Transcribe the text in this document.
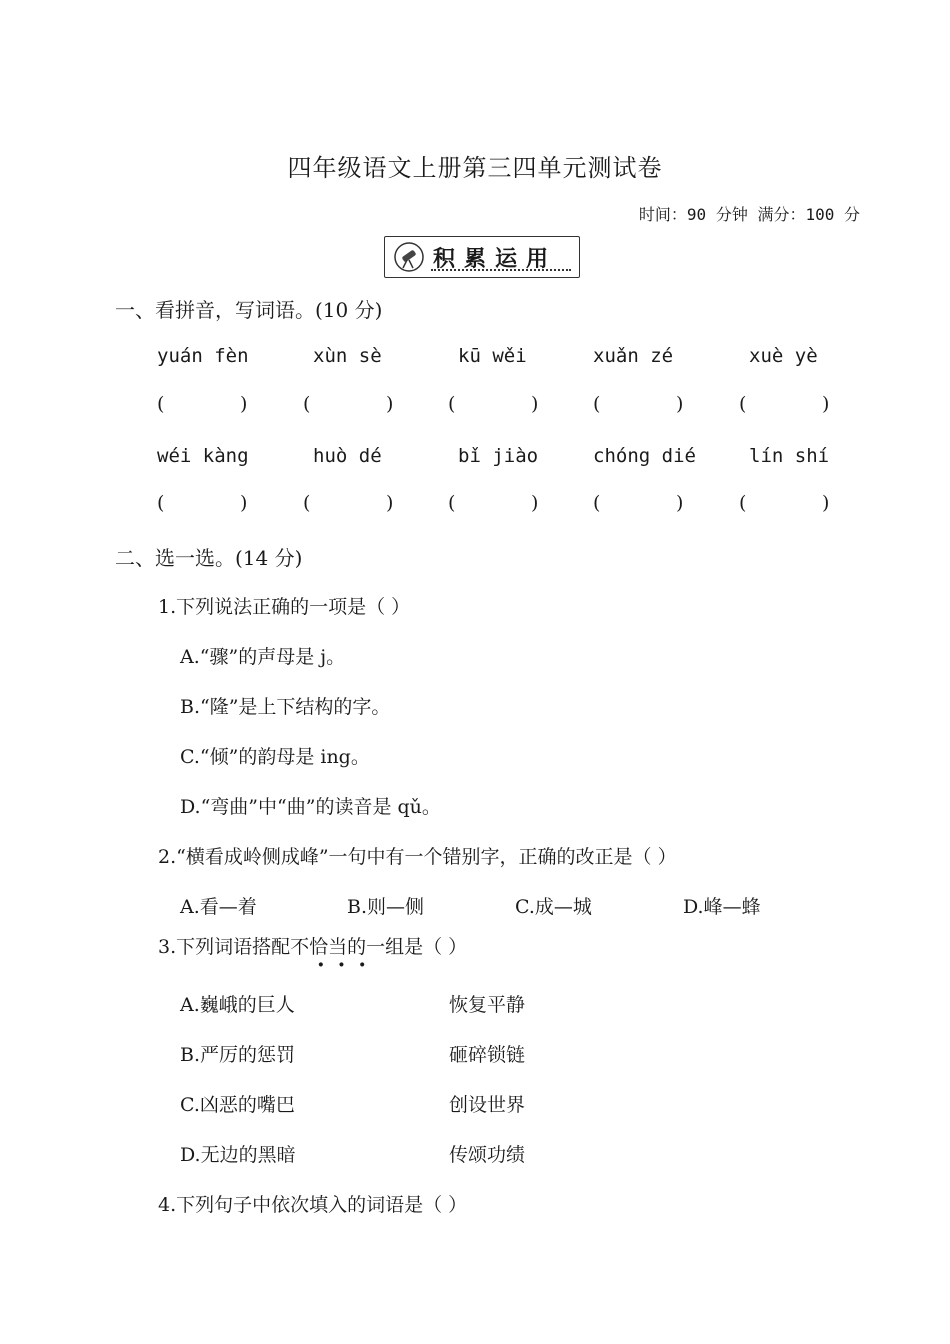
四年级语文上册第三四单元测试卷
时间：90 分钟 满分：100 分
积累运用
一、看拼音，写词语。(10 分)
yuán fèn	xùn sè	kū wěi	xuǎn zé	xuè yè
(	)	(	)	(	)	(	)	(	)
wéi kàng	huò dé	bǐ jiào	chóng dié	lín shí
(	)	(	)	(	)	(	)	(	)
二、选一选。(14 分)
1.下列说法正确的一项是（ ）
A.“骤”的声母是 j。
B.“隆”是上下结构的字。
C.“倾”的韵母是 ing。
D.“弯曲”中“曲”的读音是 qǔ。
2.“横看成岭侧成峰”一句中有一个错别字，正确的改正是（ ）
A.看—着	B.则—侧	C.成—城	D.峰—蜂
3.下列词语搭配不恰当的一组是（ ）
···
A.巍峨的巨人	恢复平静
B.严厉的惩罚	砸碎锁链
C.凶恶的嘴巴	创设世界
D.无边的黑暗	传颂功绩
4.下列句子中依次填入的词语是（ ）
